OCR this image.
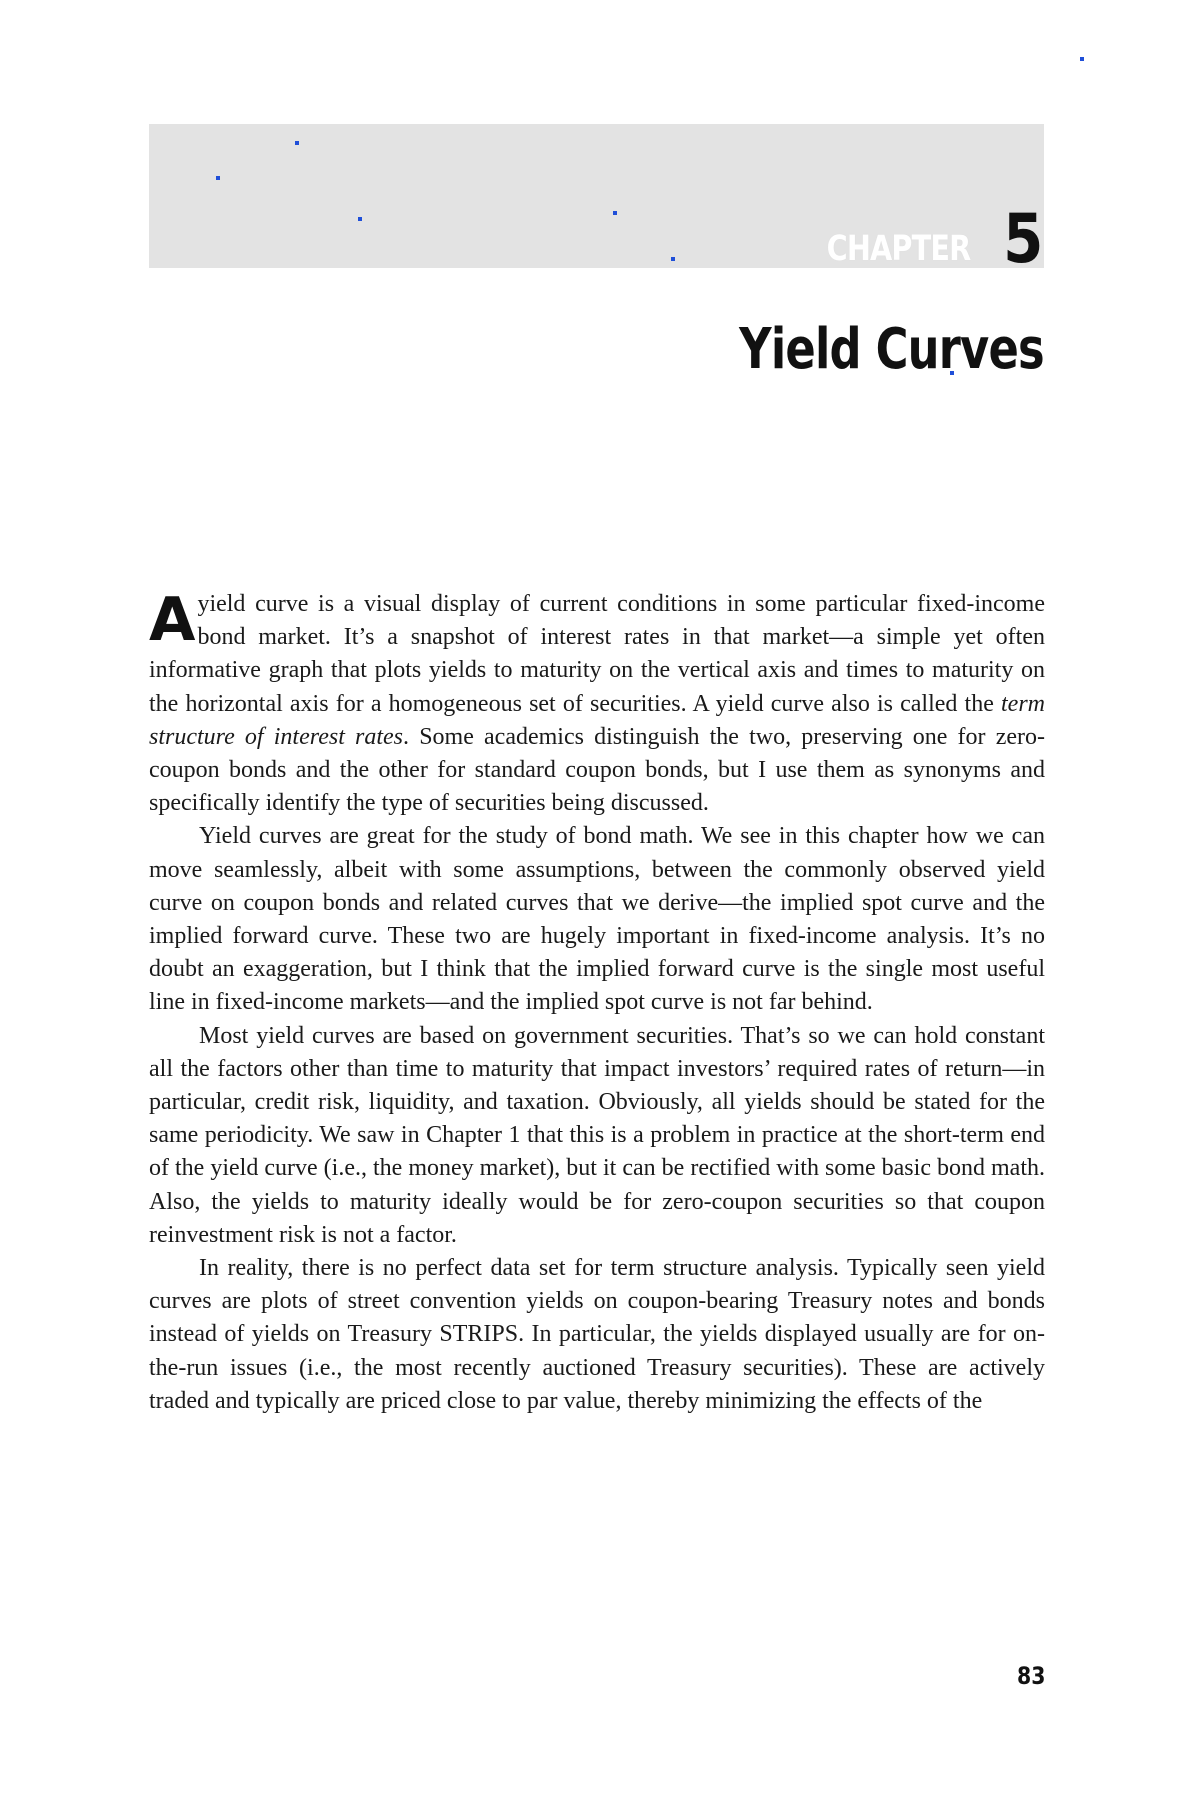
CHAPTER 5
Yield Curves

A yield curve is a visual display of current conditions in some particular fixed-income bond market. It’s a snapshot of interest rates in that market—a simple yet often informative graph that plots yields to maturity on the vertical axis and times to maturity on the horizontal axis for a homogeneous set of securities. A yield curve also is called the term structure of interest rates. Some academics distinguish the two, preserving one for zero-coupon bonds and the other for standard coupon bonds, but I use them as synonyms and specifically identify the type of securities being discussed.

Yield curves are great for the study of bond math. We see in this chapter how we can move seamlessly, albeit with some assumptions, between the commonly observed yield curve on coupon bonds and related curves that we derive—the implied spot curve and the implied forward curve. These two are hugely important in fixed-income analysis. It’s no doubt an exaggeration, but I think that the implied forward curve is the single most useful line in fixed-income markets—and the implied spot curve is not far behind.

Most yield curves are based on government securities. That’s so we can hold constant all the factors other than time to maturity that impact investors’ required rates of return—in particular, credit risk, liquidity, and taxation. Obviously, all yields should be stated for the same periodicity. We saw in Chapter 1 that this is a problem in practice at the short-term end of the yield curve (i.e., the money market), but it can be rectified with some basic bond math. Also, the yields to maturity ideally would be for zero-coupon securities so that coupon reinvestment risk is not a factor.

In reality, there is no perfect data set for term structure analysis. Typically seen yield curves are plots of street convention yields on coupon-bearing Treasury notes and bonds instead of yields on Treasury STRIPS. In particular, the yields displayed usually are for on-the-run issues (i.e., the most recently auctioned Treasury securities). These are actively traded and typically are priced close to par value, thereby minimizing the effects of the

83
